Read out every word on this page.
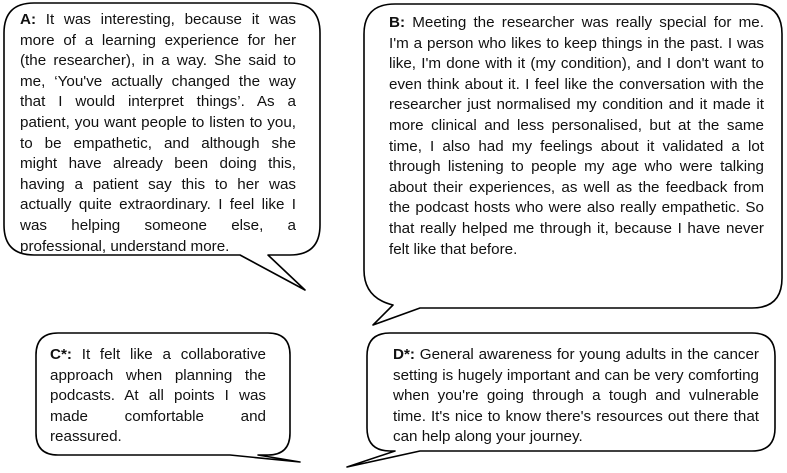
A: It was interesting, because it was more of a learning experience for her (the researcher), in a way. She said to me, ‘You've actually changed the way that I would interpret things’. As a patient, you want people to listen to you, to be empathetic, and although she might have already been doing this, having a patient say this to her was actually quite extraordinary. I feel like I was helping someone else, a professional, understand more.

B: Meeting the researcher was really special for me. I'm a person who likes to keep things in the past. I was like, I'm done with it (my condition), and I don't want to even think about it. I feel like the conversation with the researcher just normalised my condition and it made it more clinical and less personalised, but at the same time, I also had my feelings about it validated a lot through listening to people my age who were talking about their experiences, as well as the feedback from the podcast hosts who were also really empathetic. So that really helped me through it, because I have never felt like that before.

C*: It felt like a collaborative approach when planning the podcasts. At all points I was made comfortable and reassured.

D*: General awareness for young adults in the cancer setting is hugely important and can be very comforting when you're going through a tough and vulnerable time. It's nice to know there's resources out there that can help along your journey.
